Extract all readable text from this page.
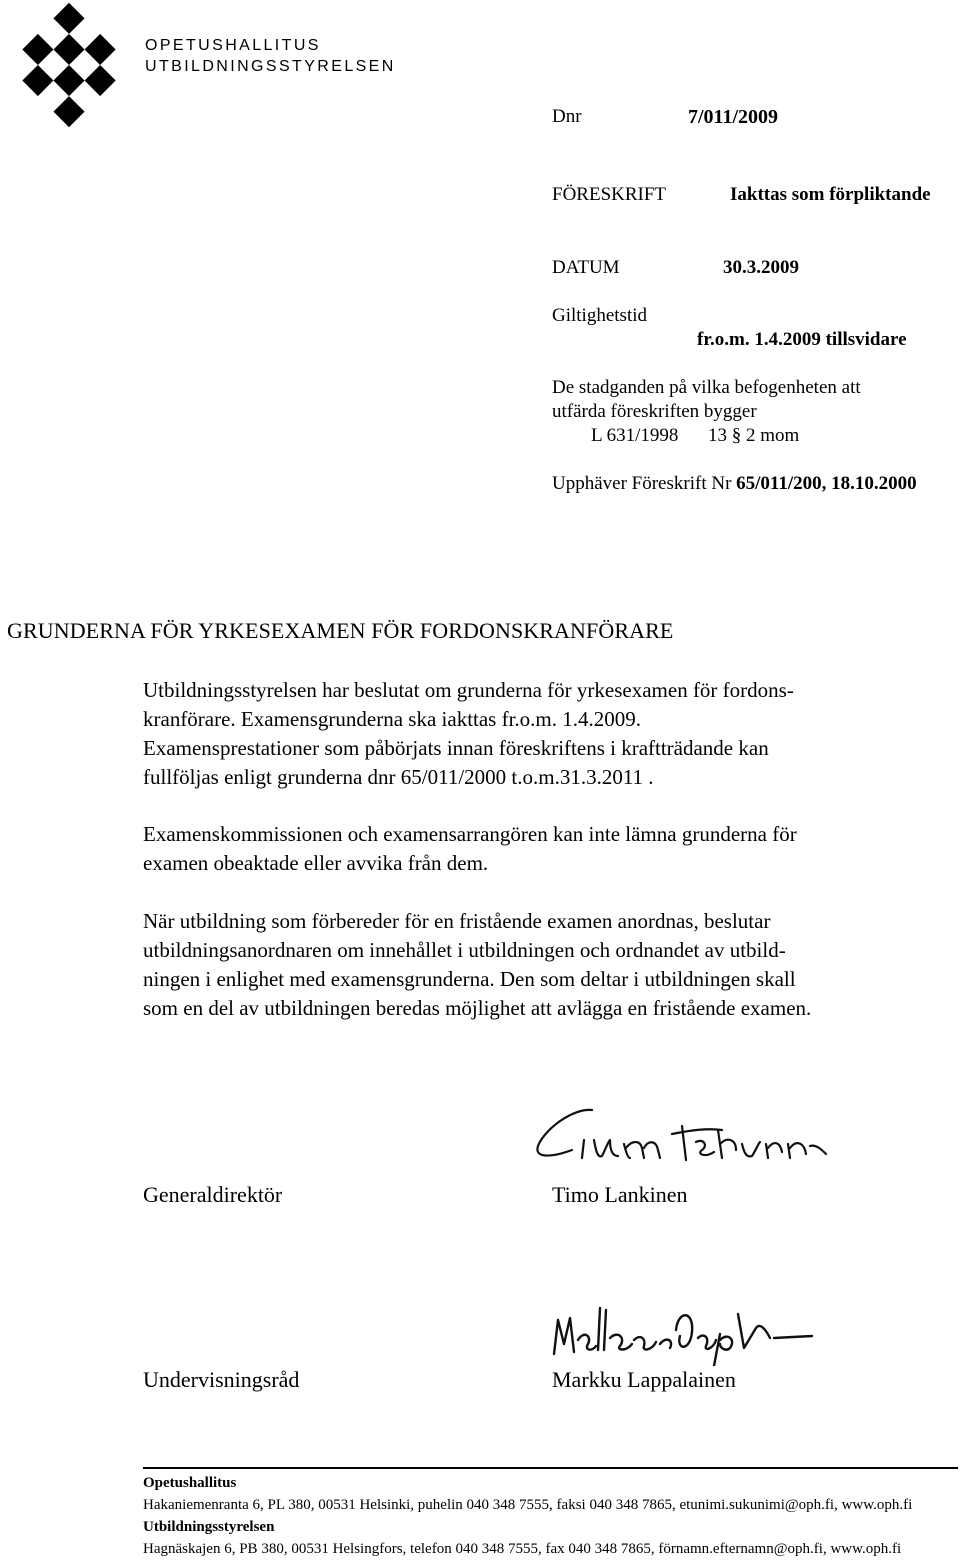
OPETUSHALLITUS
UTBILDNINGSSTYRELSEN
Dnr	7/011/2009
FÖRESKRIFT	Iakttas som förpliktande
DATUM	30.3.2009
Giltighetstid
fr.o.m. 1.4.2009 tillsvidare
De stadganden på vilka befogenheten att
utfärda föreskriften bygger
L 631/1998 13 § 2 mom
Upphäver Föreskrift Nr 65/011/200, 18.10.2000
GRUNDERNA FÖR YRKESEXAMEN FÖR FORDONSKRANFÖRARE

Utbildningsstyrelsen har beslutat om grunderna för yrkesexamen för fordons-

kranförare. Examensgrunderna ska iakttas fr.o.m. 1.4.2009.

Examensprestationer som påbörjats innan föreskriftens i kraftträdande kan

fullföljas enligt grunderna dnr 65/011/2000 t.o.m.31.3.2011 .

Examenskommissionen och examensarrangören kan inte lämna grunderna för

examen obeaktade eller avvika från dem.

När utbildning som förbereder för en fristående examen anordnas, beslutar

utbildningsanordnaren om innehållet i utbildningen och ordnandet av utbild-

ningen i enlighet med examensgrunderna. Den som deltar i utbildningen skall

som en del av utbildningen beredas möjlighet att avlägga en fristående examen.

Generaldirektör	Timo Lankinen
Undervisningsråd	Markku Lappalainen
Opetushallitus
Hakaniemenranta 6, PL 380, 00531 Helsinki, puhelin 040 348 7555, faksi 040 348 7865, etunimi.sukunimi@oph.fi, www.oph.fi
Utbildningsstyrelsen
Hagnäskajen 6, PB 380, 00531 Helsingfors, telefon 040 348 7555, fax 040 348 7865, förnamn.efternamn@oph.fi, www.oph.fi
